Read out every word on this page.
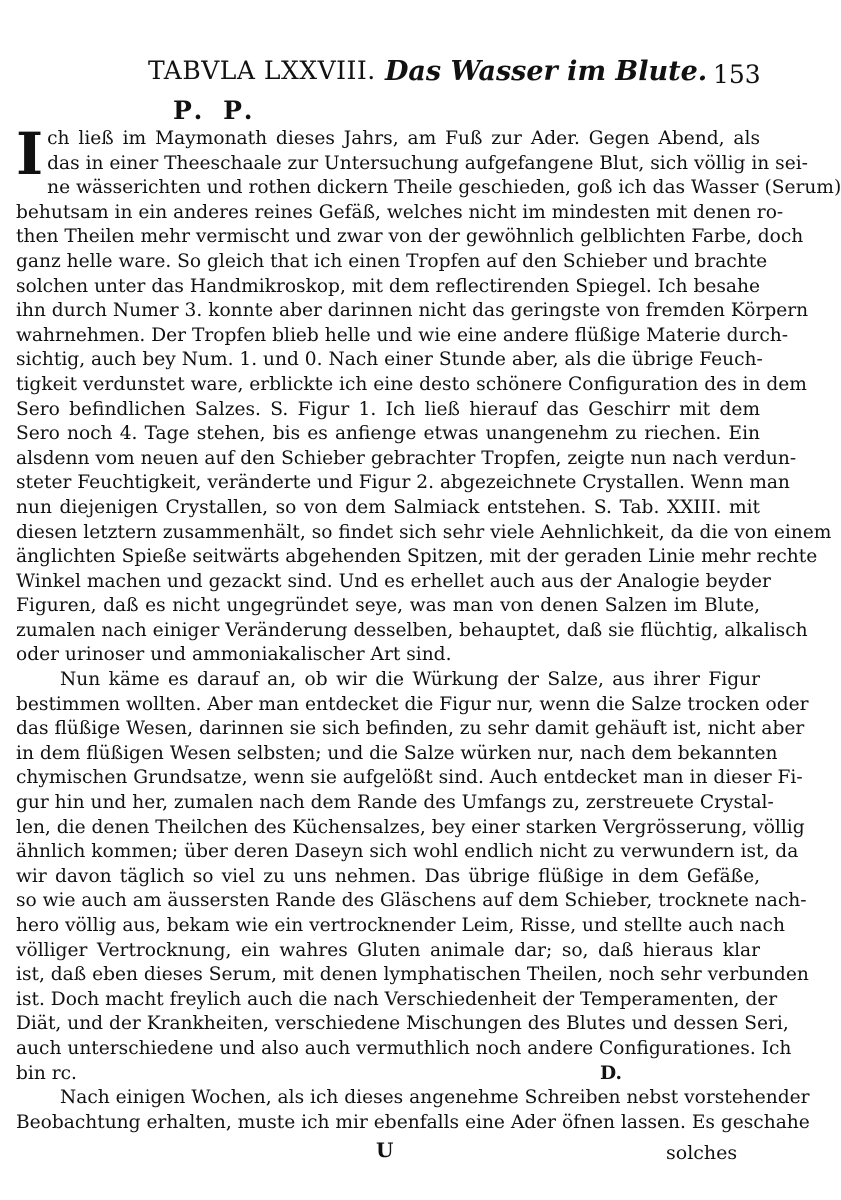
TABVLA LXXVIII. Das Wasser im Blute. 153
P. P.
I ch ließ im Maymonath dieses Jahrs, am Fuß zur Ader. Gegen Abend, als
das in einer Theeschaale zur Untersuchung aufgefangene Blut, sich völlig in sei-
ne wässerichten und rothen dickern Theile geschieden, goß ich das Wasser (Serum)
behutsam in ein anderes reines Gefäß, welches nicht im mindesten mit denen ro-
then Theilen mehr vermischt und zwar von der gewöhnlich gelblichten Farbe, doch
ganz helle ware. So gleich that ich einen Tropfen auf den Schieber und brachte
solchen unter das Handmikroskop, mit dem reflectirenden Spiegel. Ich besahe
ihn durch Numer 3. konnte aber darinnen nicht das geringste von fremden Körpern
wahrnehmen. Der Tropfen blieb helle und wie eine andere flüßige Materie durch-
sichtig, auch bey Num. 1. und 0. Nach einer Stunde aber, als die übrige Feuch-
tigkeit verdunstet ware, erblickte ich eine desto schönere Configuration des in dem
Sero befindlichen Salzes. S. Figur 1. Ich ließ hierauf das Geschirr mit dem
Sero noch 4. Tage stehen, bis es anfienge etwas unangenehm zu riechen. Ein
alsdenn vom neuen auf den Schieber gebrachter Tropfen, zeigte nun nach verdun-
steter Feuchtigkeit, veränderte und Figur 2. abgezeichnete Crystallen. Wenn man
nun diejenigen Crystallen, so von dem Salmiack entstehen. S. Tab. XXIII. mit
diesen letztern zusammenhält, so findet sich sehr viele Aehnlichkeit, da die von einem
änglichten Spieße seitwärts abgehenden Spitzen, mit der geraden Linie mehr rechte
Winkel machen und gezackt sind. Und es erhellet auch aus der Analogie beyder
Figuren, daß es nicht ungegründet seye, was man von denen Salzen im Blute,
zumalen nach einiger Veränderung desselben, behauptet, daß sie flüchtig, alkalisch
oder urinoser und ammoniakalischer Art sind.
Nun käme es darauf an, ob wir die Würkung der Salze, aus ihrer Figur
bestimmen wollten. Aber man entdecket die Figur nur, wenn die Salze trocken oder
das flüßige Wesen, darinnen sie sich befinden, zu sehr damit gehäuft ist, nicht aber
in dem flüßigen Wesen selbsten; und die Salze würken nur, nach dem bekannten
chymischen Grundsatze, wenn sie aufgelößt sind. Auch entdecket man in dieser Fi-
gur hin und her, zumalen nach dem Rande des Umfangs zu, zerstreuete Crystal-
len, die denen Theilchen des Küchensalzes, bey einer starken Vergrösserung, völlig
ähnlich kommen; über deren Daseyn sich wohl endlich nicht zu verwundern ist, da
wir davon täglich so viel zu uns nehmen. Das übrige flüßige in dem Gefäße,
so wie auch am äussersten Rande des Gläschens auf dem Schieber, trocknete nach-
hero völlig aus, bekam wie ein vertrocknender Leim, Risse, und stellte auch nach
völliger Vertrocknung, ein wahres Gluten animale dar; so, daß hieraus klar
ist, daß eben dieses Serum, mit denen lymphatischen Theilen, noch sehr verbunden
ist. Doch macht freylich auch die nach Verschiedenheit der Temperamenten, der
Diät, und der Krankheiten, verschiedene Mischungen des Blutes und dessen Seri,
auch unterschiedene und also auch vermuthlich noch andere Configurationes. Ich
bin rc.	D.
Nach einigen Wochen, als ich dieses angenehme Schreiben nebst vorstehender
Beobachtung erhalten, muste ich mir ebenfalls eine Ader öfnen lassen. Es geschahe
U	solches
